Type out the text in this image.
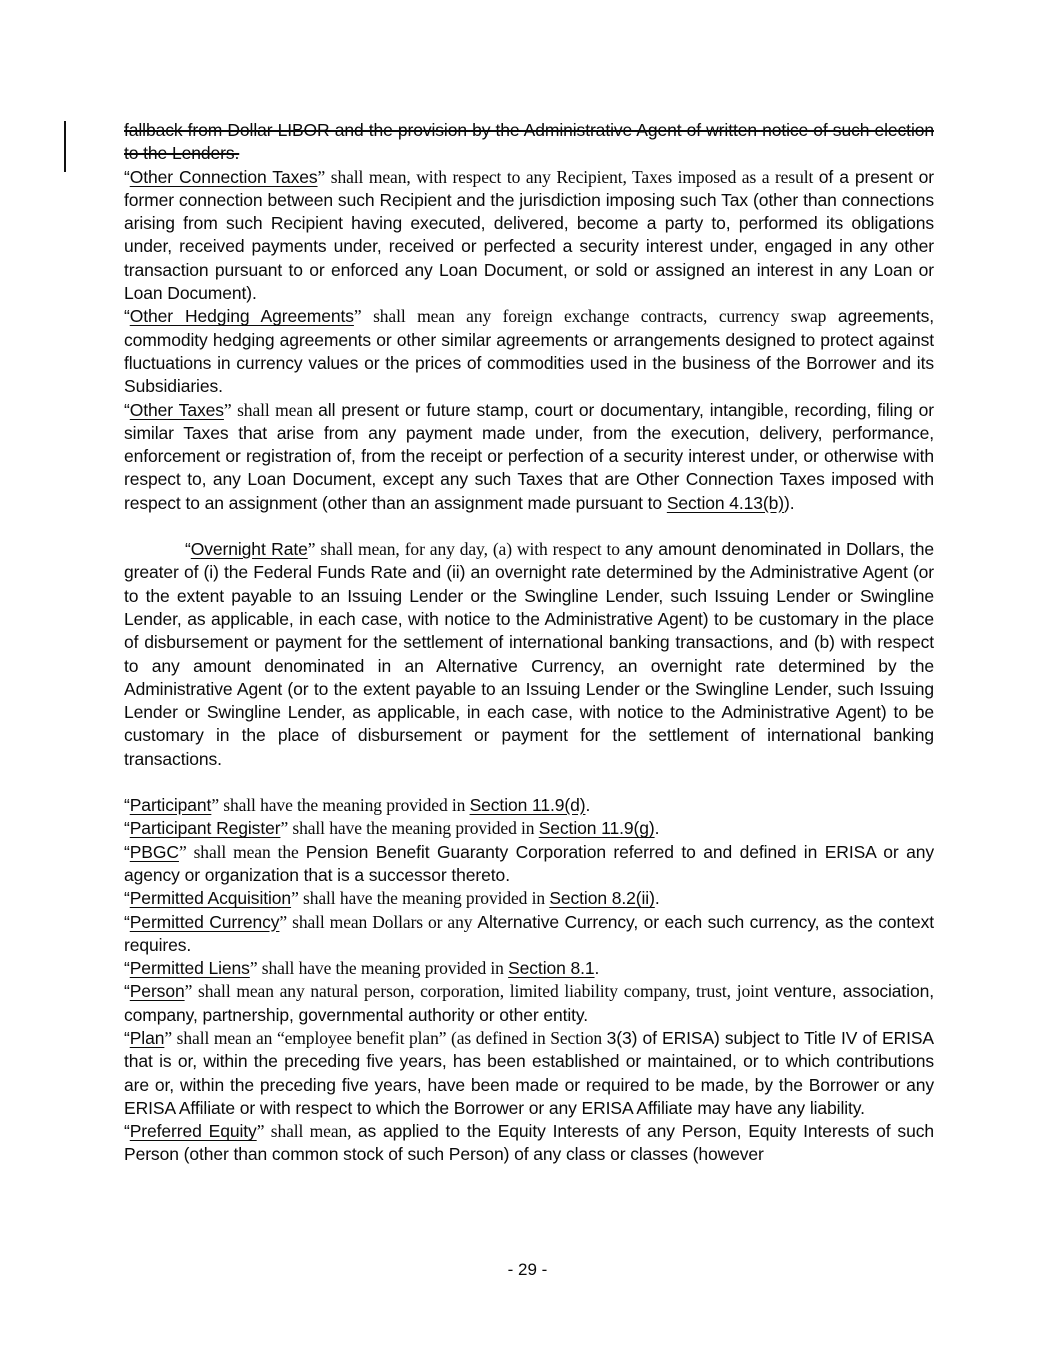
fallback from Dollar LIBOR and the provision by the Administrative Agent of written notice of such election to the Lenders.

“Other Connection Taxes” shall mean, with respect to any Recipient, Taxes imposed as a result of a present or former connection between such Recipient and the jurisdiction imposing such Tax (other than connections arising from such Recipient having executed, delivered, become a party to, performed its obligations under, received payments under, received or perfected a security interest under, engaged in any other transaction pursuant to or enforced any Loan Document, or sold or assigned an interest in any Loan or Loan Document).

“Other Hedging Agreements” shall mean any foreign exchange contracts, currency swap agreements, commodity hedging agreements or other similar agreements or arrangements designed to protect against fluctuations in currency values or the prices of commodities used in the business of the Borrower and its Subsidiaries.

“Other Taxes” shall mean all present or future stamp, court or documentary, intangible, recording, filing or similar Taxes that arise from any payment made under, from the execution, delivery, performance, enforcement or registration of, from the receipt or perfection of a security interest under, or otherwise with respect to, any Loan Document, except any such Taxes that are Other Connection Taxes imposed with respect to an assignment (other than an assignment made pursuant to Section 4.13(b)).

“Overnight Rate” shall mean, for any day, (a) with respect to any amount denominated in Dollars, the greater of (i) the Federal Funds Rate and (ii) an overnight rate determined by the Administrative Agent (or to the extent payable to an Issuing Lender or the Swingline Lender, such Issuing Lender or Swingline Lender, as applicable, in each case, with notice to the Administrative Agent) to be customary in the place of disbursement or payment for the settlement of international banking transactions, and (b) with respect to any amount denominated in an Alternative Currency, an overnight rate determined by the Administrative Agent (or to the extent payable to an Issuing Lender or the Swingline Lender, such Issuing Lender or Swingline Lender, as applicable, in each case, with notice to the Administrative Agent) to be customary in the place of disbursement or payment for the settlement of international banking transactions.

“Participant” shall have the meaning provided in Section 11.9(d).

“Participant Register” shall have the meaning provided in Section 11.9(g).

“PBGC” shall mean the Pension Benefit Guaranty Corporation referred to and defined in ERISA or any agency or organization that is a successor thereto.

“Permitted Acquisition” shall have the meaning provided in Section 8.2(ii).

“Permitted Currency” shall mean Dollars or any Alternative Currency, or each such currency, as the context requires.

“Permitted Liens” shall have the meaning provided in Section 8.1.

“Person” shall mean any natural person, corporation, limited liability company, trust, joint venture, association, company, partnership, governmental authority or other entity.

“Plan” shall mean an “employee benefit plan” (as defined in Section 3(3) of ERISA) subject to Title IV of ERISA that is or, within the preceding five years, has been established or maintained, or to which contributions are or, within the preceding five years, have been made or required to be made, by the Borrower or any ERISA Affiliate or with respect to which the Borrower or any ERISA Affiliate may have any liability.

“Preferred Equity” shall mean, as applied to the Equity Interests of any Person, Equity Interests of such Person (other than common stock of such Person) of any class or classes (however

- 29 -
